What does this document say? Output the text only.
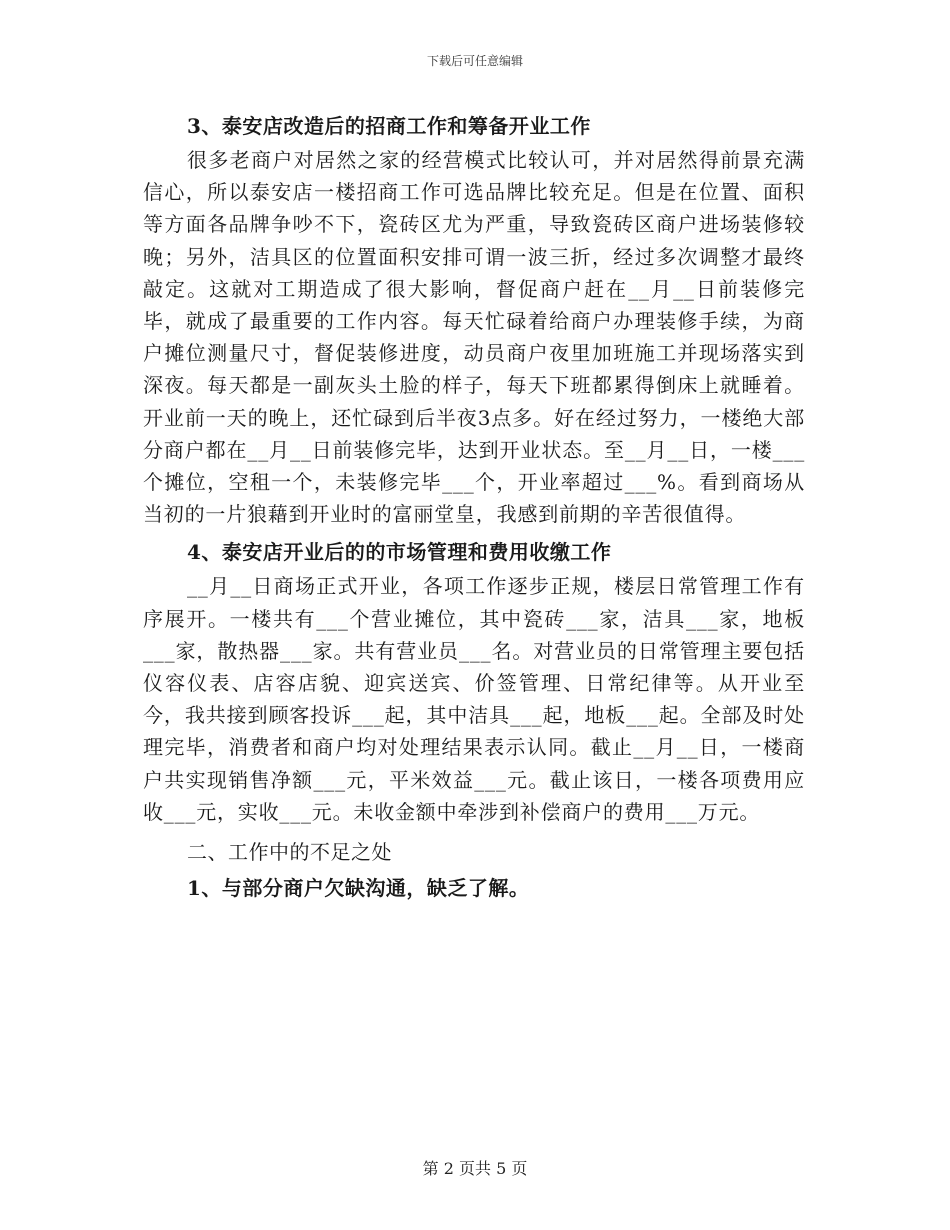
下载后可任意编辑
3、泰安店改造后的招商工作和筹备开业工作

很多老商户对居然之家的经营模式比较认可，并对居然得前景充满信心，所以泰安店一楼招商工作可选品牌比较充足。但是在位置、面积等方面各品牌争吵不下，瓷砖区尤为严重，导致瓷砖区商户进场装修较晚；另外，洁具区的位置面积安排可谓一波三折，经过多次调整才最终敲定。这就对工期造成了很大影响，督促商户赶在__月__日前装修完毕，就成了最重要的工作内容。每天忙碌着给商户办理装修手续，为商户摊位测量尺寸，督促装修进度，动员商户夜里加班施工并现场落实到深夜。每天都是一副灰头土脸的样子，每天下班都累得倒床上就睡着。开业前一天的晚上，还忙碌到后半夜3点多。好在经过努力，一楼绝大部分商户都在__月__日前装修完毕，达到开业状态。至__月__日，一楼___个摊位，空租一个，未装修完毕___个，开业率超过___%。看到商场从当初的一片狼藉到开业时的富丽堂皇，我感到前期的辛苦很值得。

4、泰安店开业后的的市场管理和费用收缴工作

__月__日商场正式开业，各项工作逐步正规，楼层日常管理工作有序展开。一楼共有___个营业摊位，其中瓷砖___家，洁具___家，地板___家，散热器___家。共有营业员___名。对营业员的日常管理主要包括仪容仪表、店容店貌、迎宾送宾、价签管理、日常纪律等。从开业至今，我共接到顾客投诉___起，其中洁具___起，地板___起。全部及时处理完毕，消费者和商户均对处理结果表示认同。截止__月__日，一楼商户共实现销售净额___元，平米效益___元。截止该日，一楼各项费用应收___元，实收___元。未收金额中牵涉到补偿商户的费用___万元。

二、工作中的不足之处
1、与部分商户欠缺沟通，缺乏了解。
第 2 页共 5 页
